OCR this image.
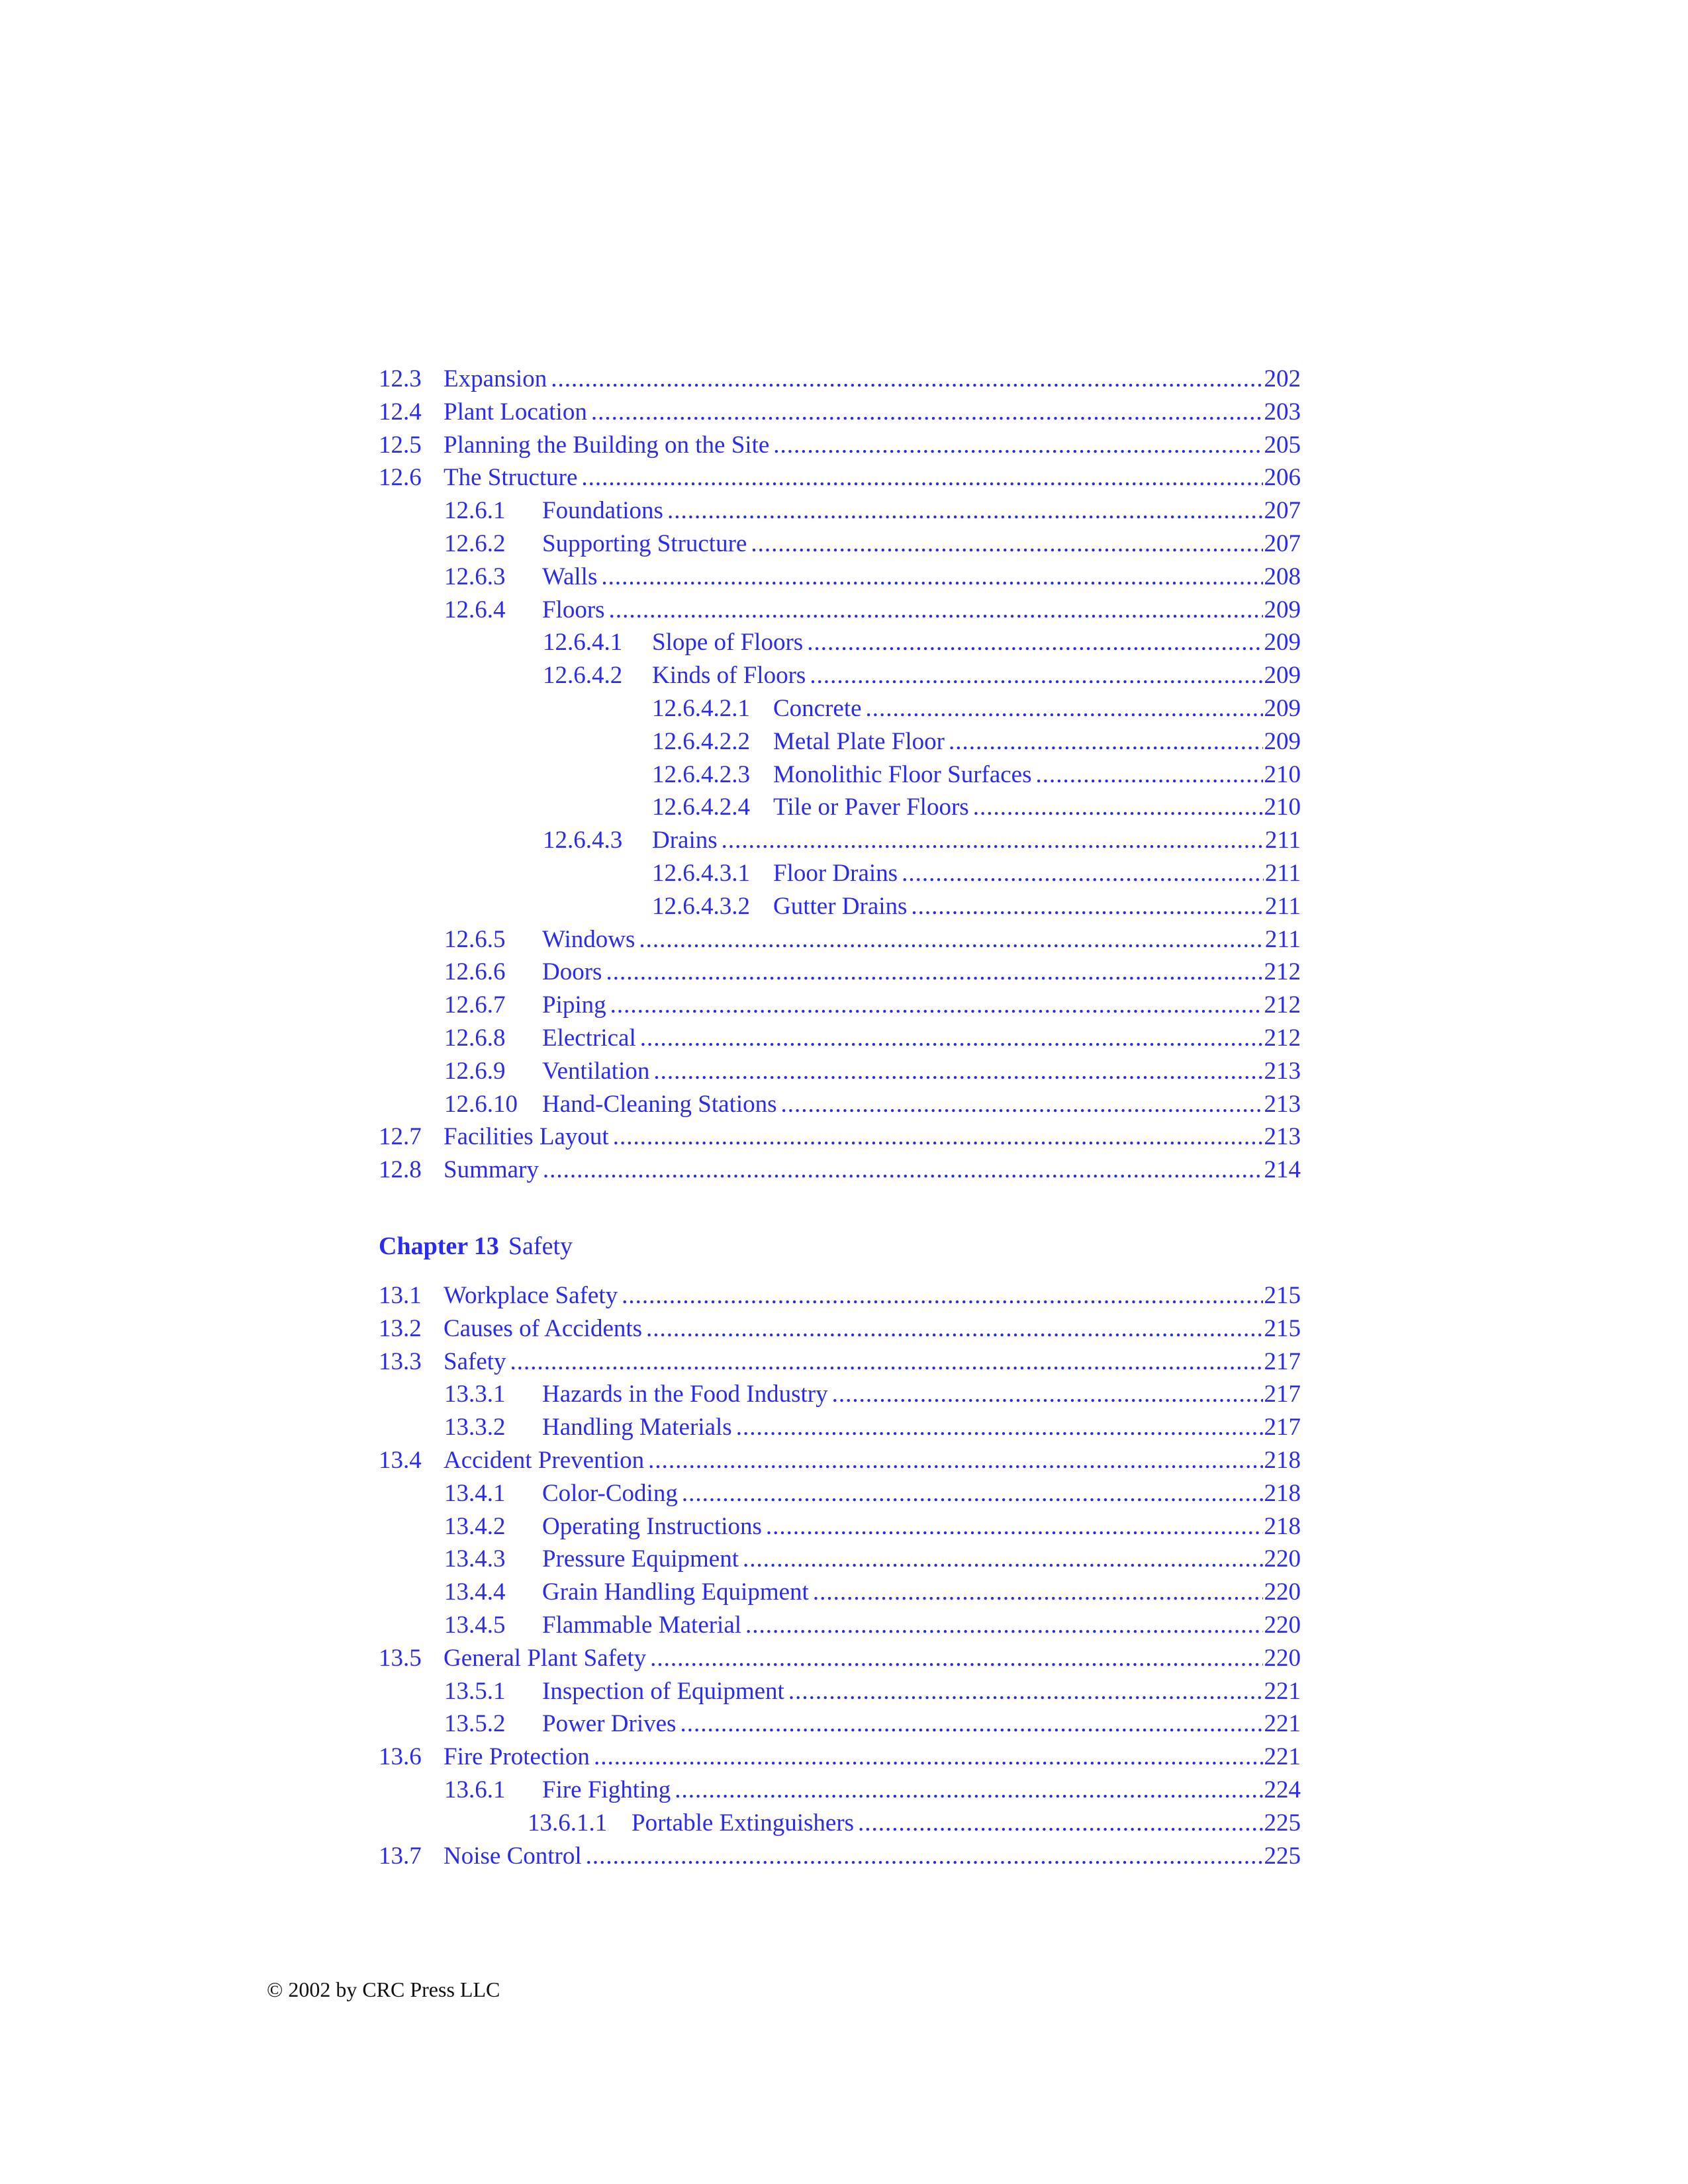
12.3 Expansion .....	202
12.4 Plant Location .....	203
12.5 Planning the Building on the Site .....	205
12.6 The Structure .....	206
12.6.1	Foundations .....	207
12.6.2	Supporting Structure .....	207
12.6.3	Walls .....	208
12.6.4	Floors .....	209
12.6.4.1	Slope of Floors .....	209
12.6.4.2	Kinds of Floors .....	209
12.6.4.2.1 Concrete .....	209
12.6.4.2.2 Metal Plate Floor .....	209
12.6.4.2.3 Monolithic Floor Surfaces .....	210
12.6.4.2.4 Tile or Paver Floors .....	210
12.6.4.3	Drains .....	211
12.6.4.3.1 Floor Drains .....	211
12.6.4.3.2 Gutter Drains .....	211
12.6.5	Windows .....	211
12.6.6	Doors .....	212
12.6.7	Piping .....	212
12.6.8	Electrical .....	212
12.6.9	Ventilation .....	213
12.6.10	Hand-Cleaning Stations .....	213
12.7 Facilities Layout .....	213
12.8 Summary .....	214
Chapter 13 Safety
13.1 Workplace Safety .....	215
13.2 Causes of Accidents .....	215
13.3 Safety .....	217
13.3.1	Hazards in the Food Industry .....	217
13.3.2	Handling Materials .....	217
13.4 Accident Prevention .....	218
13.4.1	Color-Coding .....	218
13.4.2	Operating Instructions .....	218
13.4.3	Pressure Equipment .....	220
13.4.4	Grain Handling Equipment .....	220
13.4.5	Flammable Material .....	220
13.5 General Plant Safety .....	220
13.5.1	Inspection of Equipment .....	221
13.5.2	Power Drives .....	221
13.6 Fire Protection .....	221
13.6.1	Fire Fighting .....	224
13.6.1.1 Portable Extinguishers .....	225
13.7 Noise Control .....	225
© 2002 by CRC Press LLC
